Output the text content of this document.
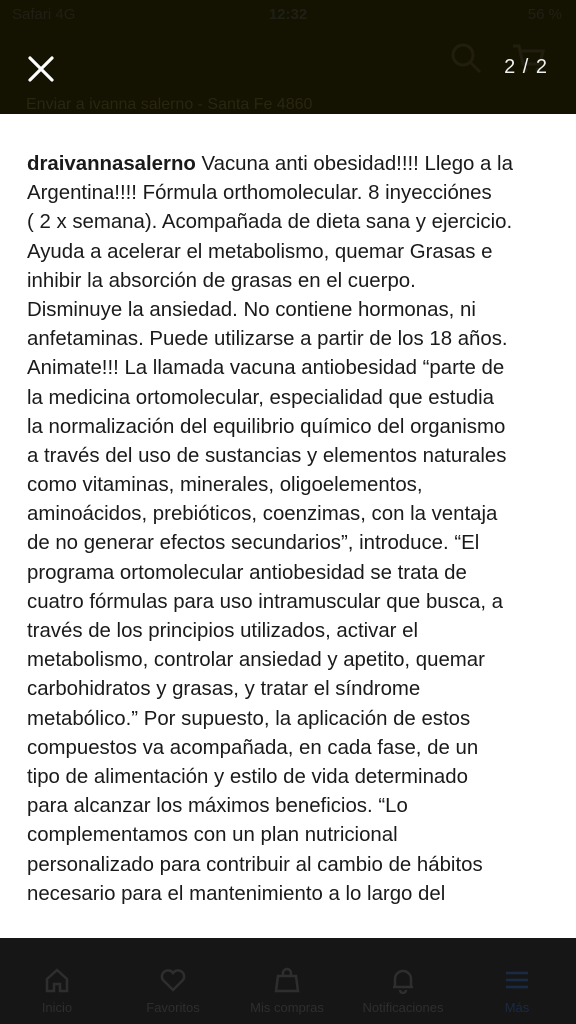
Safari 4G	12:32	56 %
Enviar a ivanna salerno - Santa Fe 4860
Inicio	Favoritos	Mis compras	Notificaciones	Más
2 / 2
draivannasalerno Vacuna anti obesidad!!!! Llego a la
Argentina!!!! Fórmula orthomolecular. 8 inyecciónes
( 2 x semana). Acompañada de dieta sana y ejercicio.
Ayuda a acelerar el metabolismo, quemar Grasas e
inhibir la absorción de grasas en el cuerpo.
Disminuye la ansiedad. No contiene hormonas, ni
anfetaminas. Puede utilizarse a partir de los 18 años.
Animate!!! La llamada vacuna antiobesidad “parte de
la medicina ortomolecular, especialidad que estudia
la normalización del equilibrio químico del organismo
a través del uso de sustancias y elementos naturales
como vitaminas, minerales, oligoelementos,
aminoácidos, prebióticos, coenzimas, con la ventaja
de no generar efectos secundarios”, introduce. “El
programa ortomolecular antiobesidad se trata de
cuatro fórmulas para uso intramuscular que busca, a
través de los principios utilizados, activar el
metabolismo, controlar ansiedad y apetito, quemar
carbohidratos y grasas, y tratar el síndrome
metabólico.” Por supuesto, la aplicación de estos
compuestos va acompañada, en cada fase, de un
tipo de alimentación y estilo de vida determinado
para alcanzar los máximos beneficios. “Lo
complementamos con un plan nutricional
personalizado para contribuir al cambio de hábitos
necesario para el mantenimiento a lo largo del
